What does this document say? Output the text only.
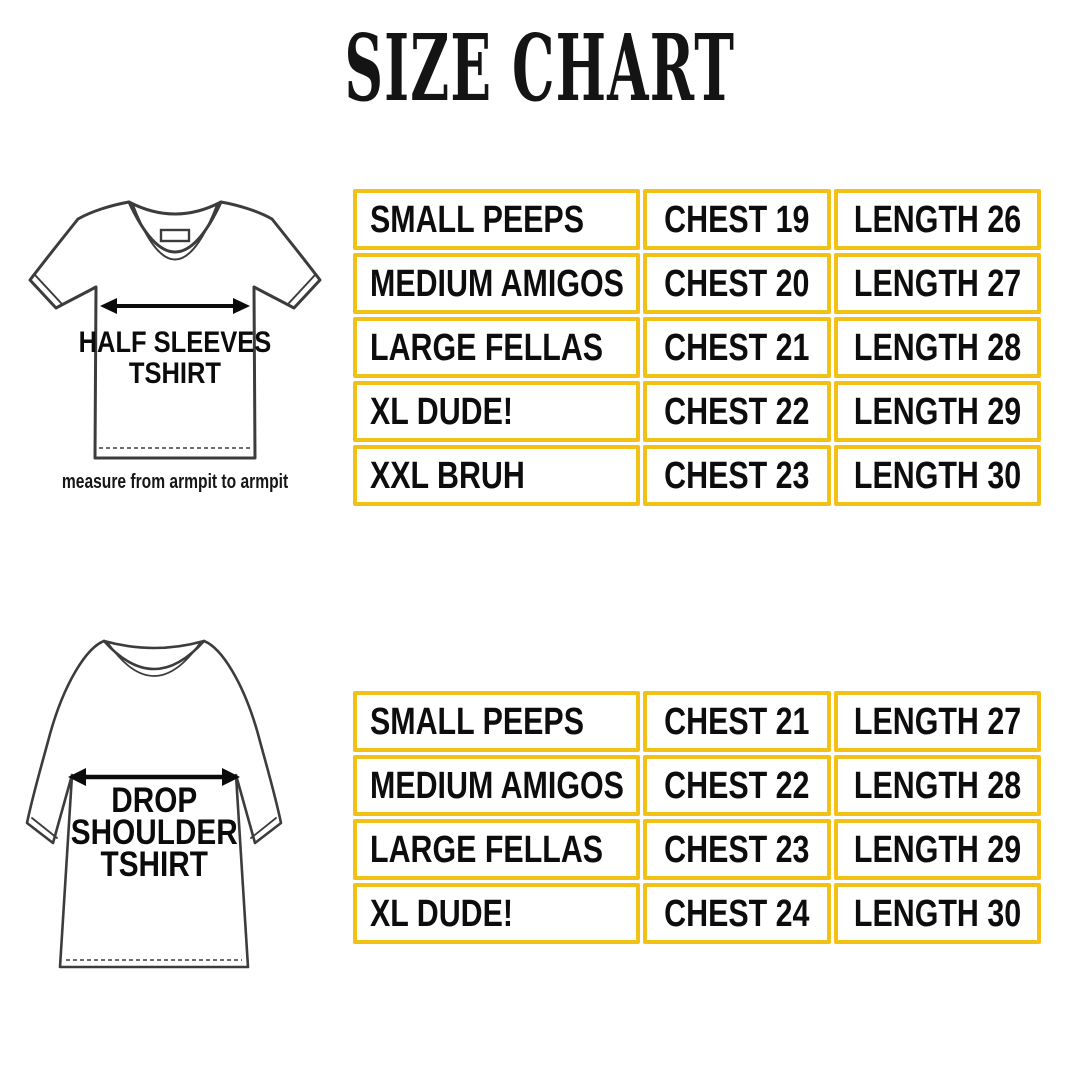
SIZE CHART
HALF SLEEVES
TSHIRT
measure from armpit to armpit
SMALL PEEPS CHEST 19 LENGTH 26
MEDIUM AMIGOS CHEST 20 LENGTH 27
LARGE FELLAS CHEST 21 LENGTH 28
XL DUDE!	CHEST 22 LENGTH 29
XXL BRUH	CHEST 23 LENGTH 30
DROP
SHOULDER
TSHIRT
SMALL PEEPS CHEST 21 LENGTH 27
MEDIUM AMIGOS CHEST 22 LENGTH 28
LARGE FELLAS CHEST 23 LENGTH 29
XL DUDE!	CHEST 24 LENGTH 30
